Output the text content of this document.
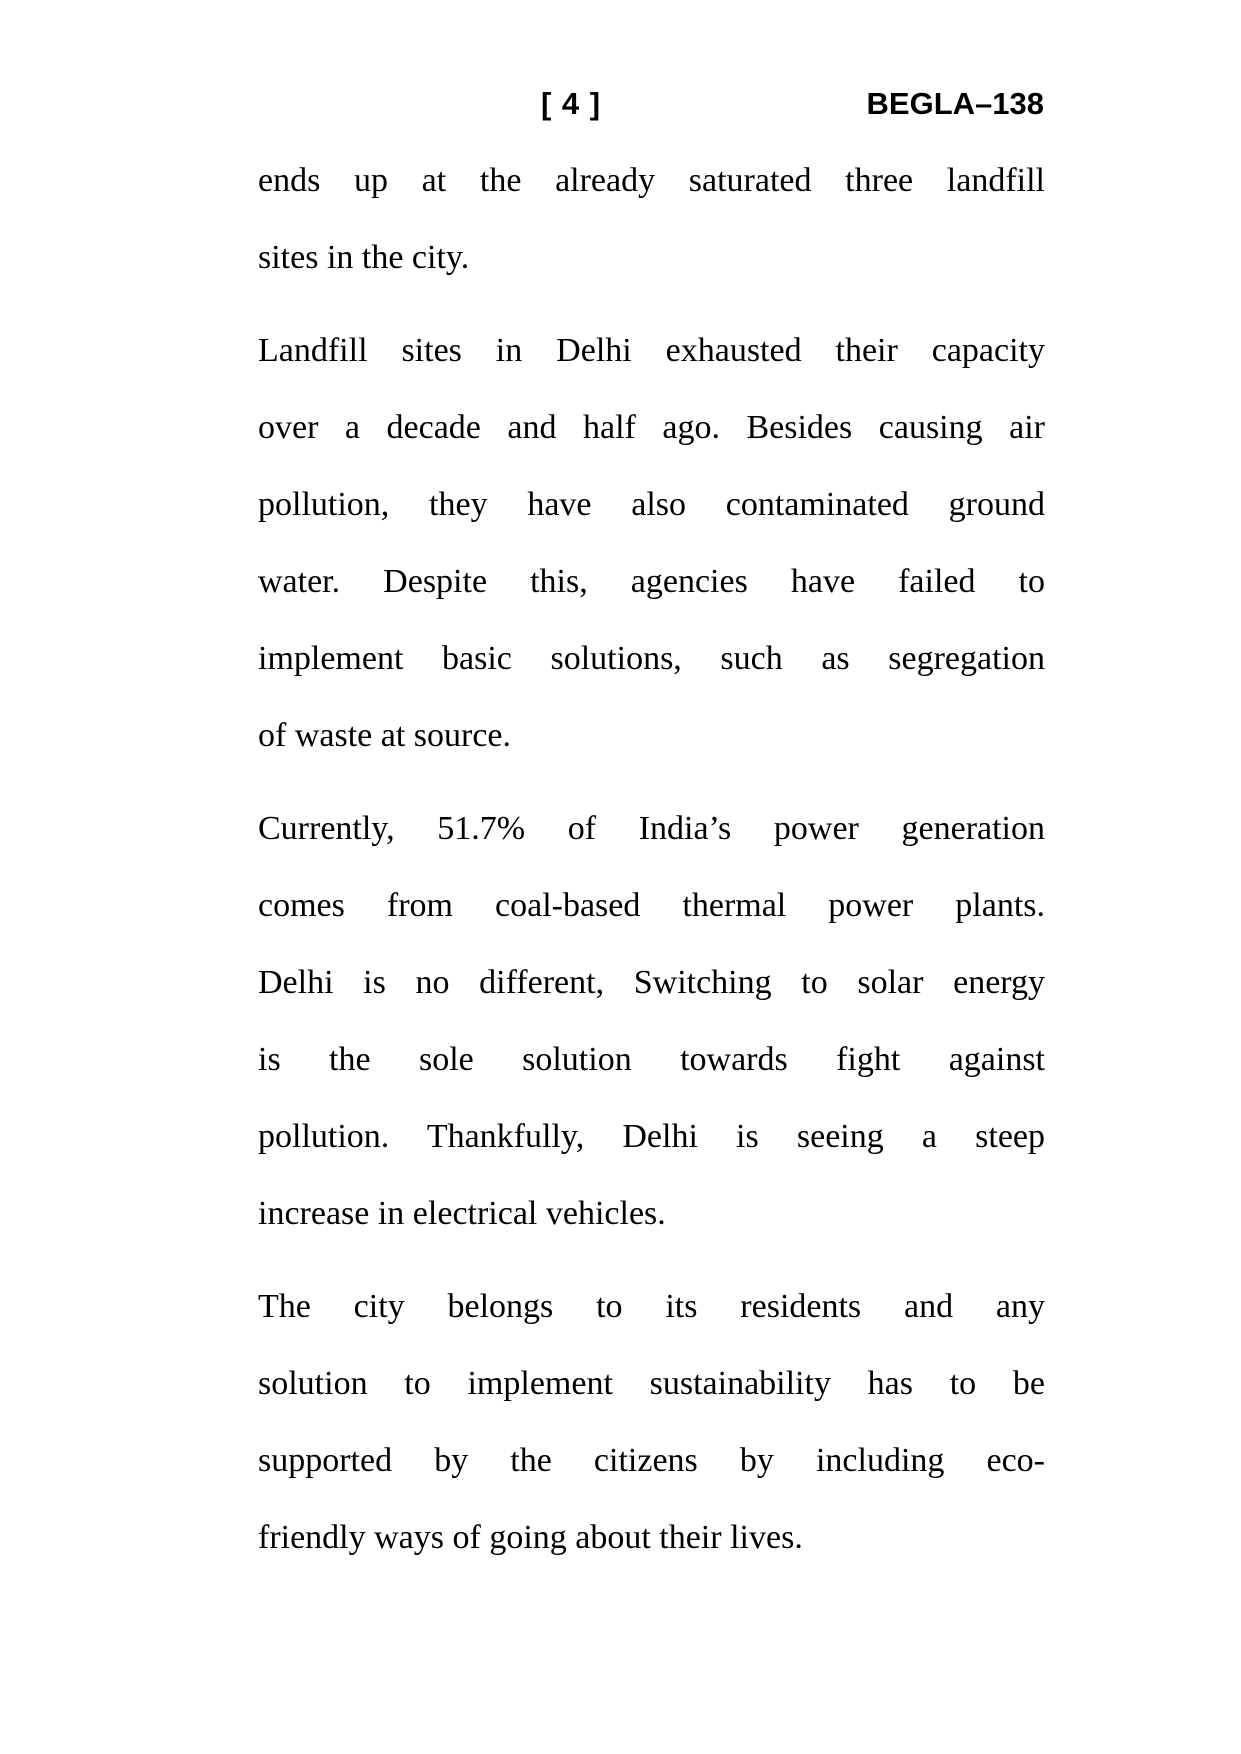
[ 4 ]	BEGLA–138

ends up at the already saturated three landfill
sites in the city.

Landfill sites in Delhi exhausted their capacity
over a decade and half ago. Besides causing air
pollution, they have also contaminated ground
water. Despite this, agencies have failed to
implement basic solutions, such as segregation
of waste at source.

Currently, 51.7% of India’s power generation
comes from coal-based thermal power plants.
Delhi is no different, Switching to solar energy
is the sole solution towards fight against
pollution. Thankfully, Delhi is seeing a steep
increase in electrical vehicles.

The city belongs to its residents and any
solution to implement sustainability has to be
supported by the citizens by including eco-
friendly ways of going about their lives.
